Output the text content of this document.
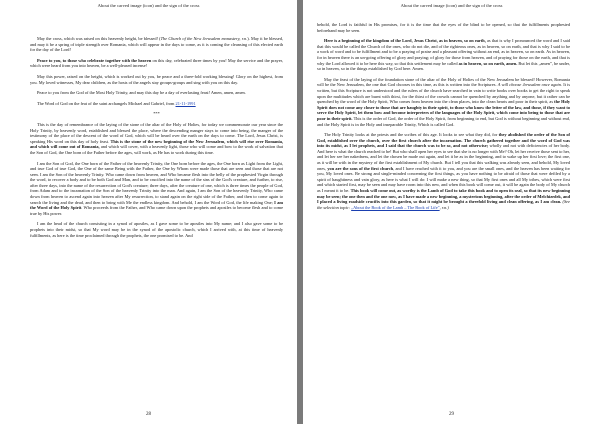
About the carved image (icon) and the sign of the cross

May the cross, which was raised on this heavenly height, be blessed! (The Church of the New Jerusalem monastery, r.n.). May it be blessed, and may it be a spring of triple strength over Romania, which will appear in the days to come, as it is coming the cleansing of this elected earth for the day of the Lord!

Peace to you, to those who celebrate together with the heaven on this day, celebrated three times by you! May the service and the prayer, which were heard from you into heaven, be a well-pleased incense!

May this power, raised on the height, which is worked out by you, be peace and a three-fold working blessing! Glory on the highest, from you. My loved witnesses, My dear children, as the hosts of the angels stay groups-groups and sing with you on this day.

Peace to you from the God of the Most Holy Trinity, and may this day be a day of everlasting feast! Amen, amen, amen.

The Word of God on the feat of the saint archangels Michael and Gabriel, from 21-11-1991

***

This is the day of remembrance of the laying of the stone of the altar of the Holy of Holies, for today we commemorate our year since the Holy Trinity, by heavenly word, established and blessed the place, where the descending manger stays to come into being, the manger of the testimony of the place of the descent of the word of God, which will be heard over the earth on the days to come. The Lord, Jesus Christ, is speaking His word on this day of holy feast. This is the stone of the new beginning of the New Jerusalem, which will rise over Romania, and which will come out of Romania, and which will cover, with a heavenly light, those who will come and bow to the work of salvation that the Son of God, the One born of the Father before the ages, will work, as He has to work during this time.

I am the Son of God, the One born of the Father of the heavenly Trinity, the One born before the ages, the One born as Light from the Light, and true God of true God, the One of the same Being with the Father, the One by Whom were made those that are seen and those that are not seen. I am the Son of the heavenly Trinity. Who came down from heaven, and Who became flesh into the belly of the prophesied Virgin through the word, to recover a body and to be both God and Man, and to be crucified into the name of the sins of the God's creature, and further, to rise, after three days, into the name of the resurrection of God's creature; three days, after the creature of one, which is three times the people of God, from Adam and to the incarnation of the Son of the heavenly Trinity into the man. And again, I am the Son of the heavenly Trinity, Who came down from heaven to ascend again into heaven after My resurrection, to stand again on the right side of the Father, and then to come again to search the living and the dead, and then to bring with Me the endless kingdom. And behold, I am the Word of God, the life making One; I am the Word of the Holy Spirit. Who proceeds from the Father, and Who came down upon the prophets and apostles to become flesh and to come true by His power.

I am the head of the church consisting in a synod of apostles, as I gave some to be apostles into My name; and I also gave some to be prophets into their midst, so that My word may be in the synod of the apostolic church, which I arrived with, at this time of heavenly fulfillments, as here is the time proclaimed through the prophets, the one promised to be. And

28
About the carved image (icon) and the sign of the cross

behold, the Lord is faithful in His promises, for it is the time that the eyes of the blind to be opened, so that the fulfillments prophesied beforehand may be seen.

Here is a beginning of the kingdom of the Lord, Jesus Christ, as in heaven, so on earth, as that is why I pronounced the word and I said that this would be called the Church of the ones, who do not die, and of the righteous ones, as in heaven, so on earth, and that is why I said to be a work of word and to be fulfillment and to be a praying of praise and a pleasant offering without an end, as in heaven, so on earth. As in heaven, for in heaven there is an un-going offering of glory and praying; of glory for those from heaven, and of praying for those on the earth, and that is why the Lord allowed it to be here this way, so that this settlement may be called as in heaven, so on earth, amen. But let this „amen”, be under, so in heaven, so in the things established by God here. Amen.

May the feast of the laying of the foundation stone of the altar of the Holy of Holies of the New Jerusalem be blessed! However, Romania will be the New Jerusalem, the one that God chooses in this time, as this is written into the Scriptures. A will choose Jerusalem once again. It is written, but this Scripture is not understood and the rulers of the church have searched in vain to write books over books to get the right to speak upon the multitudes which are burnt with thirst, for the thirst of the crowds cannot be quenched by anything and by anyone, but it rather can be quenched by the word of the Holy Spirit, Who comes from heaven into the clean places, into the clean hearts and poor in their spirit, as the Holy Spirit does not come any closer to those that are haughty in their spirit, to those who know the letter of the law, and those, if they want to serve the Holy Spirit, let them bow and become interpreters of the languages of the Holy Spirit, which come into being to those that are poor in their spirit. This is the order of God, the order of the Holy Spirit, from beginning to end, but God is without beginning and without end, and the Holy Spirit is in the Holy and inseparable Trinity, Which is called God.

The Holy Trinity looks at the priests and the scribes of this age. It looks to see what they did, for they abolished the order of the Son of God, established over the church, over the first church after the incarnation. The church gathered together and the word of God was into its midst, as I let prophets, and I said that the church was to be so, and not otherwise; wholly and not with deficiencies of her body. And here is what the church reached to be! But who shall open her eyes to see that she is no longer with Me? Oh, let her receive those sent to her, and let her see her nakedness, and let the chosen be made out again, and let it be as in the beginning, and to wake up her first love; the first one, as it will be with in the mystery of the first establishment of My church. But I tell you that this walking was already seen, and behold, My loved ones, you are the sons of the first church, and I have reached with it to you, and you are the small ones, and the heaven has been waiting for you, My loved ones. Be strong and single-minded concerning the first things, as you have nothing to be afraid of those that were defiled by a spirit of haughtiness and vain glory, as here is what I will do: I will make a new thing, so that My first ones and all My tribes, which were first and which started first, may be seen and may have room into this new, and when this book will come out, it will be again the body of My church as I meant it to be. This book will come out, as worthy is the Lamb of God to take this book and to open its seal, so that its new beginning may be seen; the one then and the one now, as I have made a new beginning, a mysterious beginning, after the order of Melchizedek, and I placed a living roadside crucifix into this garden, so that it might be brought a threefold living and clean offering, as I am clean. (See the selection topic: „About the Book of the Lamb – The Book of Life”, r.n.)

29
